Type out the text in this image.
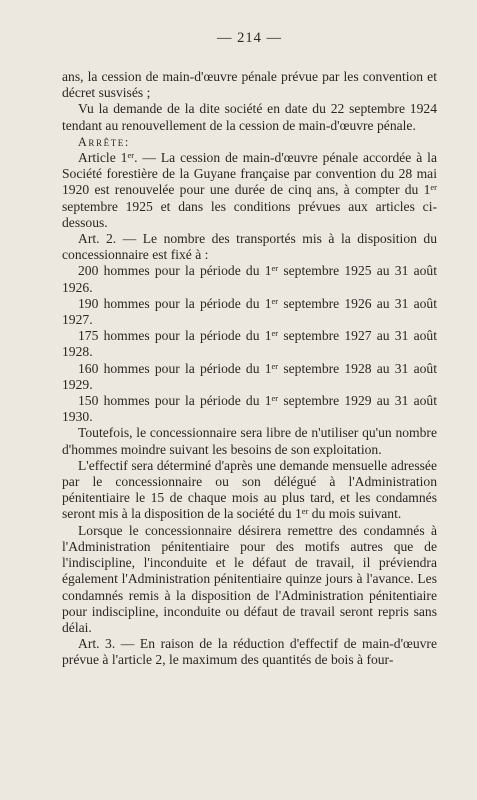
— 214 —

ans, la cession de main-d'œuvre pénale prévue par les convention et décret susvisés ;

Vu la demande de la dite société en date du 22 septembre 1924 tendant au renouvellement de la cession de main-d'œuvre pénale.

Arrête:

Article 1er. — La cession de main-d'œuvre pénale accordée à la Société forestière de la Guyane française par convention du 28 mai 1920 est renouvelée pour une durée de cinq ans, à compter du 1er septembre 1925 et dans les conditions prévues aux articles ci-dessous.

Art. 2. — Le nombre des transportés mis à la disposition du concessionnaire est fixé à :

200 hommes pour la période du 1er septembre 1925 au 31 août 1926.

190 hommes pour la période du 1er septembre 1926 au 31 août 1927.

175 hommes pour la période du 1er septembre 1927 au 31 août 1928.

160 hommes pour la période du 1er septembre 1928 au 31 août 1929.

150 hommes pour la période du 1er septembre 1929 au 31 août 1930.

Toutefois, le concessionnaire sera libre de n'utiliser qu'un nombre d'hommes moindre suivant les besoins de son exploitation.

L'effectif sera déterminé d'après une demande mensuelle adressée par le concessionnaire ou son délégué à l'Administration pénitentiaire le 15 de chaque mois au plus tard, et les condamnés seront mis à la disposition de la société du 1er du mois suivant.

Lorsque le concessionnaire désirera remettre des condamnés à l'Administration pénitentiaire pour des motifs autres que de l'indiscipline, l'inconduite et le défaut de travail, il préviendra également l'Administration pénitentiaire quinze jours à l'avance. Les condamnés remis à la disposition de l'Administration pénitentiaire pour indiscipline, inconduite ou défaut de travail seront repris sans délai.

Art. 3. — En raison de la réduction d'effectif de main-d'œuvre prévue à l'article 2, le maximum des quantités de bois à four-
